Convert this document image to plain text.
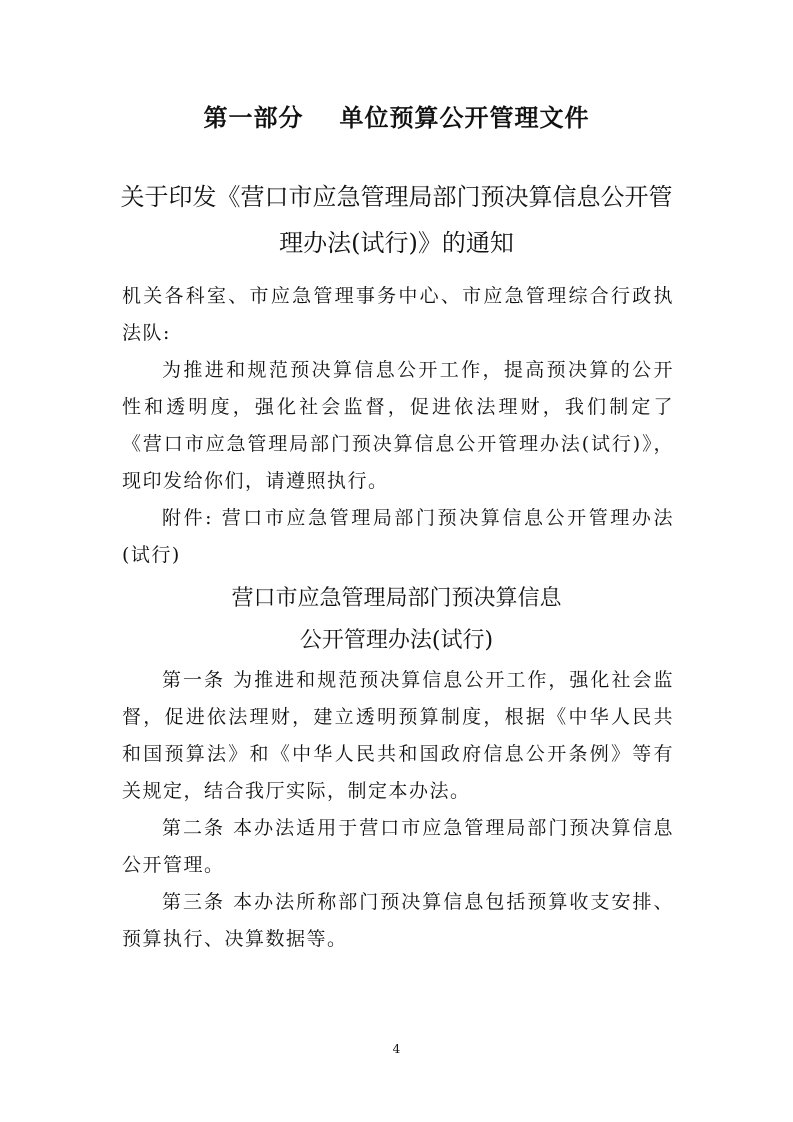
第一部分 单位预算公开管理文件
关于印发《营口市应急管理局部门预决算信息公开管
理办法(试行)》的通知

机关各科室、市应急管理事务中心、市应急管理综合行政执法队:

为推进和规范预决算信息公开工作，提高预决算的公开性和透明度，强化社会监督，促进依法理财，我们制定了《营口市应急管理局部门预决算信息公开管理办法(试行)》，现印发给你们，请遵照执行。

附件: 营口市应急管理局部门预决算信息公开管理办法(试行)

营口市应急管理局部门预决算信息
公开管理办法(试行)

第一条 为推进和规范预决算信息公开工作，强化社会监督，促进依法理财，建立透明预算制度，根据《中华人民共和国预算法》和《中华人民共和国政府信息公开条例》等有关规定，结合我厅实际，制定本办法。

第二条 本办法适用于营口市应急管理局部门预决算信息公开管理。

第三条 本办法所称部门预决算信息包括预算收支安排、预算执行、决算数据等。

4
